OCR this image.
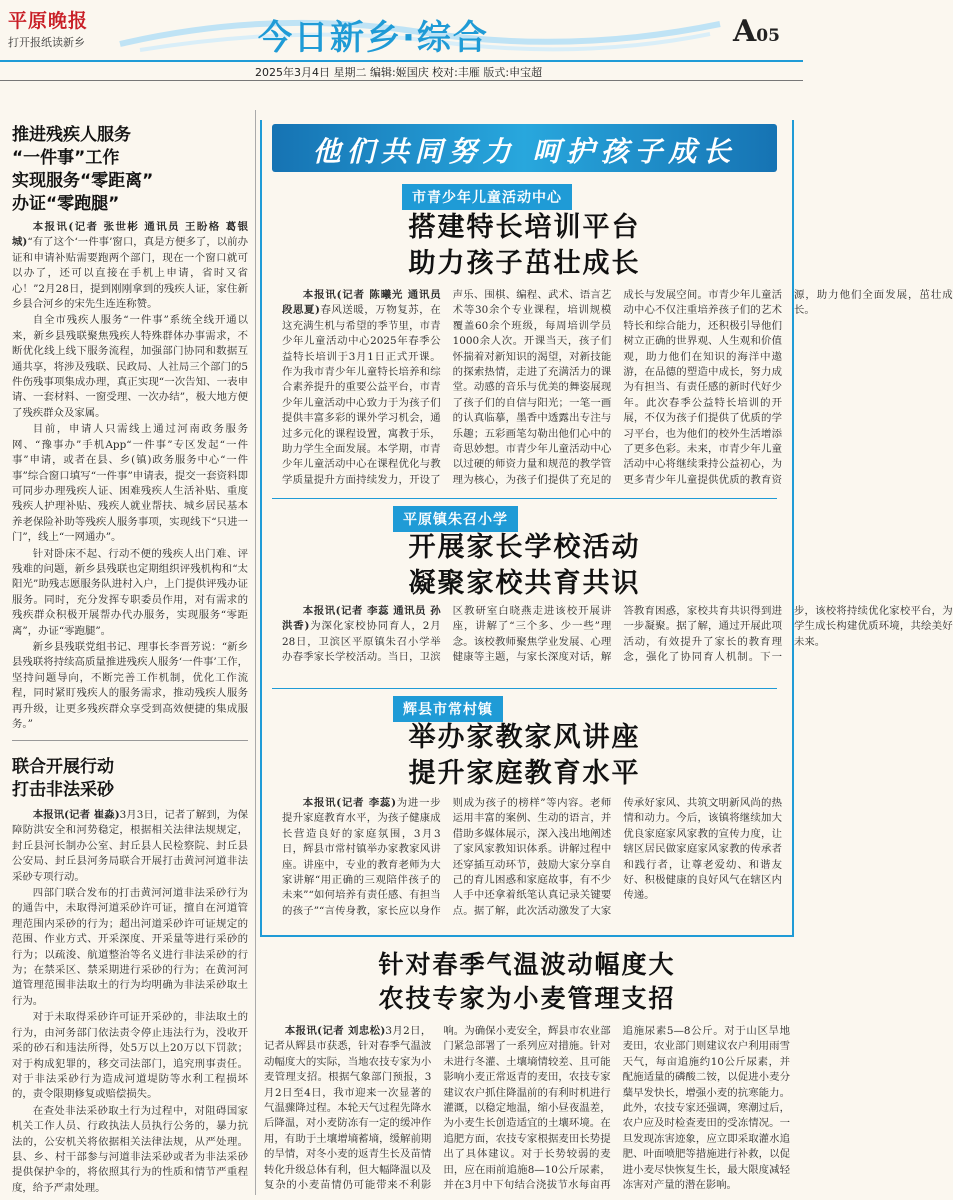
平原晚报
打开报纸读新乡	今日新乡·综合	A05
2025年3月4日 星期二 编辑:姬国庆 校对:丰雁 版式:申宝超
推进残疾人服务
“一件事”工作
实现服务“零距离”
办证“零跑腿”

本报讯(记者 张世彬 通讯员 王盼格 葛银城)“有了这个‘一件事’窗口，真是方便多了，以前办证和申请补贴需要跑两个部门，现在一个窗口就可以办了，还可以直接在手机上申请，省时又省心！”2月28日，提到刚刚拿到的残疾人证，家住新乡县合河乡的宋先生连连称赞。

自全市残疾人服务“一件事”系统全线开通以来，新乡县残联聚焦残疾人特殊群体办事需求，不断优化线上线下服务流程，加强部门协同和数据互通共享，将涉及残联、民政局、人社局三个部门的5件伤残事项集成办理，真正实现“一次告知、一表申请、一套材料、一窗受理、一次办结”，极大地方便了残疾群众及家属。

目前，申请人只需线上通过河南政务服务网、“豫事办”手机App“一件事”专区发起“一件事”申请，或者在县、乡(镇)政务服务中心“一件事”综合窗口填写“一件事”申请表，提交一套资料即可同步办理残疾人证、困难残疾人生活补贴、重度残疾人护理补贴、残疾人就业帮扶、城乡居民基本养老保险补助等残疾人服务事项，实现线下“只进一门”，线上“一网通办”。

针对卧床不起、行动不便的残疾人出门难、评残难的问题，新乡县残联也定期组织评残机构和“太阳光”助残志愿服务队进村入户，上门提供评残办证服务。同时，充分发挥专职委员作用，对有需求的残疾群众积极开展帮办代办服务，实现服务“零距离”，办证“零跑腿”。

新乡县残联党组书记、理事长李晋芳说：“新乡县残联将持续高质量推进残疾人服务‘一件事’工作，坚持问题导向，不断完善工作机制，优化工作流程，同时紧盯残疾人的服务需求，推动残疾人服务再升级，让更多残疾群众享受到高效便捷的集成服务。”

联合开展行动
打击非法采砂

本报讯(记者 崔淼)3月3日，记者了解到，为保障防洪安全和河势稳定，根据相关法律法规规定，封丘县河长制办公室、封丘县人民检察院、封丘县公安局、封丘县河务局联合开展打击黄河河道非法采砂专项行动。

四部门联合发布的打击黄河河道非法采砂行为的通告中，未取得河道采砂许可证，擅自在河道管理范围内采砂的行为；超出河道采砂许可证规定的范围、作业方式、开采深度、开采量等进行采砂的行为；以疏浚、航道整治等名义进行非法采砂的行为；在禁采区、禁采期进行采砂的行为；在黄河河道管理范围非法取土的行为均明确为非法采砂取土行为。

对于未取得采砂许可证开采砂的，非法取土的行为，由河务部门依法责令停止违法行为，没收开采的砂石和违法所得，处5万以上20万以下罚款；对于构成犯罪的，移交司法部门，追究刑事责任。对于非法采砂行为造成河道堤防等水利工程损坏的，责令限期修复或赔偿损失。

在查处非法采砂取土行为过程中，对阻碍国家机关工作人员、行政执法人员执行公务的，暴力抗法的，公安机关将依据相关法律法规，从严处理。县、乡、村干部参与河道非法采砂或者为非法采砂提供保护伞的，将依照其行为的性质和情节严重程度，给予严肃处理。

他们共同努力 呵护孩子成长
市青少年儿童活动中心
搭建特长培训平台
助力孩子茁壮成长

本报讯(记者 陈曦光 通讯员 段思夏)春风送暖，万物复苏，在这充满生机与希望的季节里，市青少年儿童活动中心2025年春季公益特长培训于3月1日正式开课。作为我市青少年儿童特长培养和综合素养提升的重要公益平台，市青少年儿童活动中心致力于为孩子们提供丰富多彩的课外学习机会，通过多元化的课程设置，寓教于乐，助力学生全面发展。本学期，市青少年儿童活动中心在课程优化与教学质量提升方面持续发力，开设了声乐、围棋、编程、武术、语言艺术等30余个专业课程，培训规模覆盖60余个班级，每周培训学员1000余人次。开课当天，孩子们怀揣着对新知识的渴望，对新技能的探索热情，走进了充满活力的课堂。动感的音乐与优美的舞姿展现了孩子们的自信与阳光；一笔一画的认真临摹，墨香中透露出专注与乐趣；五彩画笔勾勒出他们心中的奇思妙想。市青少年儿童活动中心以过硬的师资力量和规范的教学管理为核心，为孩子们提供了充足的成长与发展空间。市青少年儿童活动中心不仅注重培养孩子们的艺术特长和综合能力，还积极引导他们树立正确的世界观、人生观和价值观，助力他们在知识的海洋中遨游，在品德的塑造中成长，努力成为有担当、有责任感的新时代好少年。此次春季公益特长培训的开展，不仅为孩子们提供了优质的学习平台，也为他们的校外生活增添了更多色彩。未来，市青少年儿童活动中心将继续秉持公益初心，为更多青少年儿童提供优质的教育资源，助力他们全面发展，茁壮成长。

平原镇朱召小学
开展家长学校活动
凝聚家校共育共识

本报讯(记者 李蕊 通讯员 孙洪香)为深化家校协同育人，2月28日，卫滨区平原镇朱召小学举办春季家长学校活动。当日，卫滨区教研室白晓燕走进该校开展讲座，讲解了“三个多、少一些”理念。该校教师聚焦学业发展、心理健康等主题，与家长深度对话，解答教育困惑，家校共育共识得到进一步凝聚。据了解，通过开展此项活动，有效提升了家长的教育理念，强化了协同育人机制。下一步，该校将持续优化家校平台，为学生成长构建优质环境，共绘美好未来。

辉县市常村镇
举办家教家风讲座
提升家庭教育水平

本报讯(记者 李蕊)为进一步提升家庭教育水平，为孩子健康成长营造良好的家庭氛围，3月3日，辉县市常村镇举办家教家风讲座。讲座中，专业的教育老师为大家讲解“用正确的三观陪伴孩子的未来”“如何培养有责任感、有担当的孩子”“言传身教，家长应以身作则成为孩子的榜样”等内容。老师运用丰富的案例、生动的语言，并借助多媒体展示，深入浅出地阐述了家风家教知识体系。讲解过程中还穿插互动环节，鼓励大家分享自己的育儿困惑和家庭故事，有不少人手中还拿着纸笔认真记录关键要点。据了解，此次活动激发了大家传承好家风、共筑文明新风尚的热情和动力。今后，该镇将继续加大优良家庭家风家教的宣传力度，让辖区居民做家庭家风家教的传承者和践行者，让尊老爱幼、和谐友好、积极健康的良好风气在辖区内传递。

针对春季气温波动幅度大
农技专家为小麦管理支招

本报讯(记者 刘忠松)3月2日，记者从辉县市获悉，针对春季气温波动幅度大的实际，当地农技专家为小麦管理支招。根据气象部门预报，3月2日至4日，我市迎来一次显著的气温骤降过程。本轮天气过程先降水后降温，对小麦防冻有一定的缓冲作用，有助于土壤增墒蓄墒，缓解前期的旱情，对冬小麦的返青生长及苗情转化升级总体有利，但大幅降温以及复杂的小麦苗情仍可能带来不利影响。为确保小麦安全，辉县市农业部门紧急部署了一系列应对措施。针对未进行冬灌、土壤墒情较差、且可能影响小麦正常返青的麦田，农技专家建议农户抓住降温前的有利时机进行灌溉，以稳定地温，缩小昼夜温差，为小麦生长创造适宜的土壤环境。在追肥方面，农技专家根据麦田长势提出了具体建议。对于长势较弱的麦田，应在雨前追施8—10公斤尿素，并在3月中下旬结合浇拔节水每亩再追施尿素5—8公斤。对于山区旱地麦田，农业部门则建议农户利用雨雪天气，每亩追施约10公斤尿素，并配施适量的磷酸二铵，以促进小麦分蘖早发快长，增强小麦的抗寒能力。此外，农技专家还强调，寒潮过后，农户应及时检查麦田的受冻情况。一旦发现冻害迹象，应立即采取灌水追肥、叶面喷肥等措施进行补救，以促进小麦尽快恢复生长，最大限度减轻冻害对产量的潜在影响。
